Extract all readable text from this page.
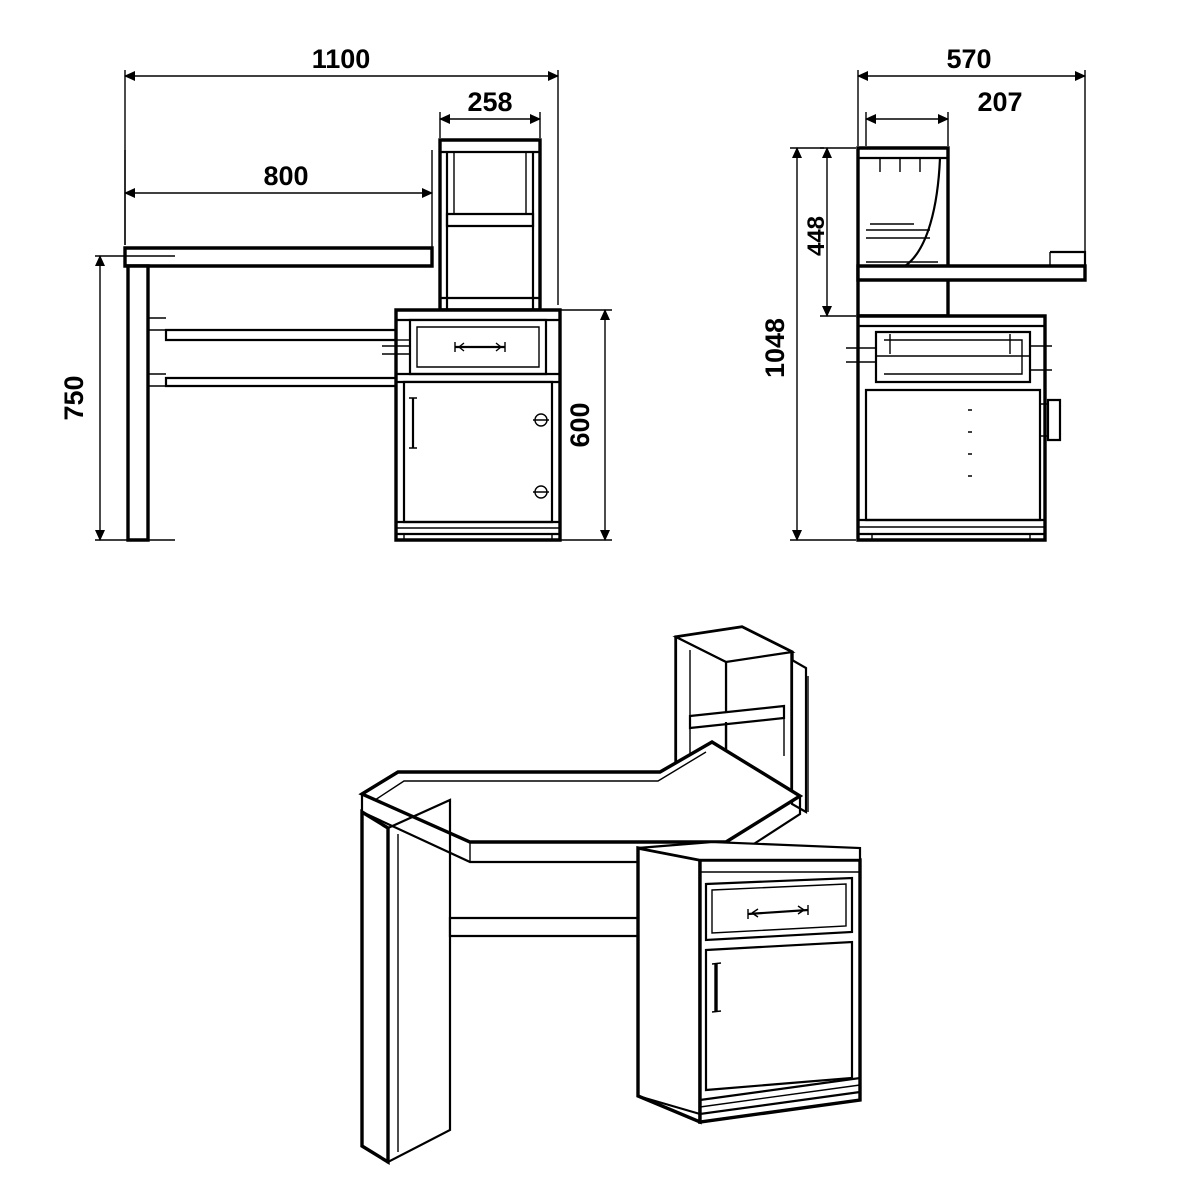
1100
258
800
750
600
570
207
448
1048
